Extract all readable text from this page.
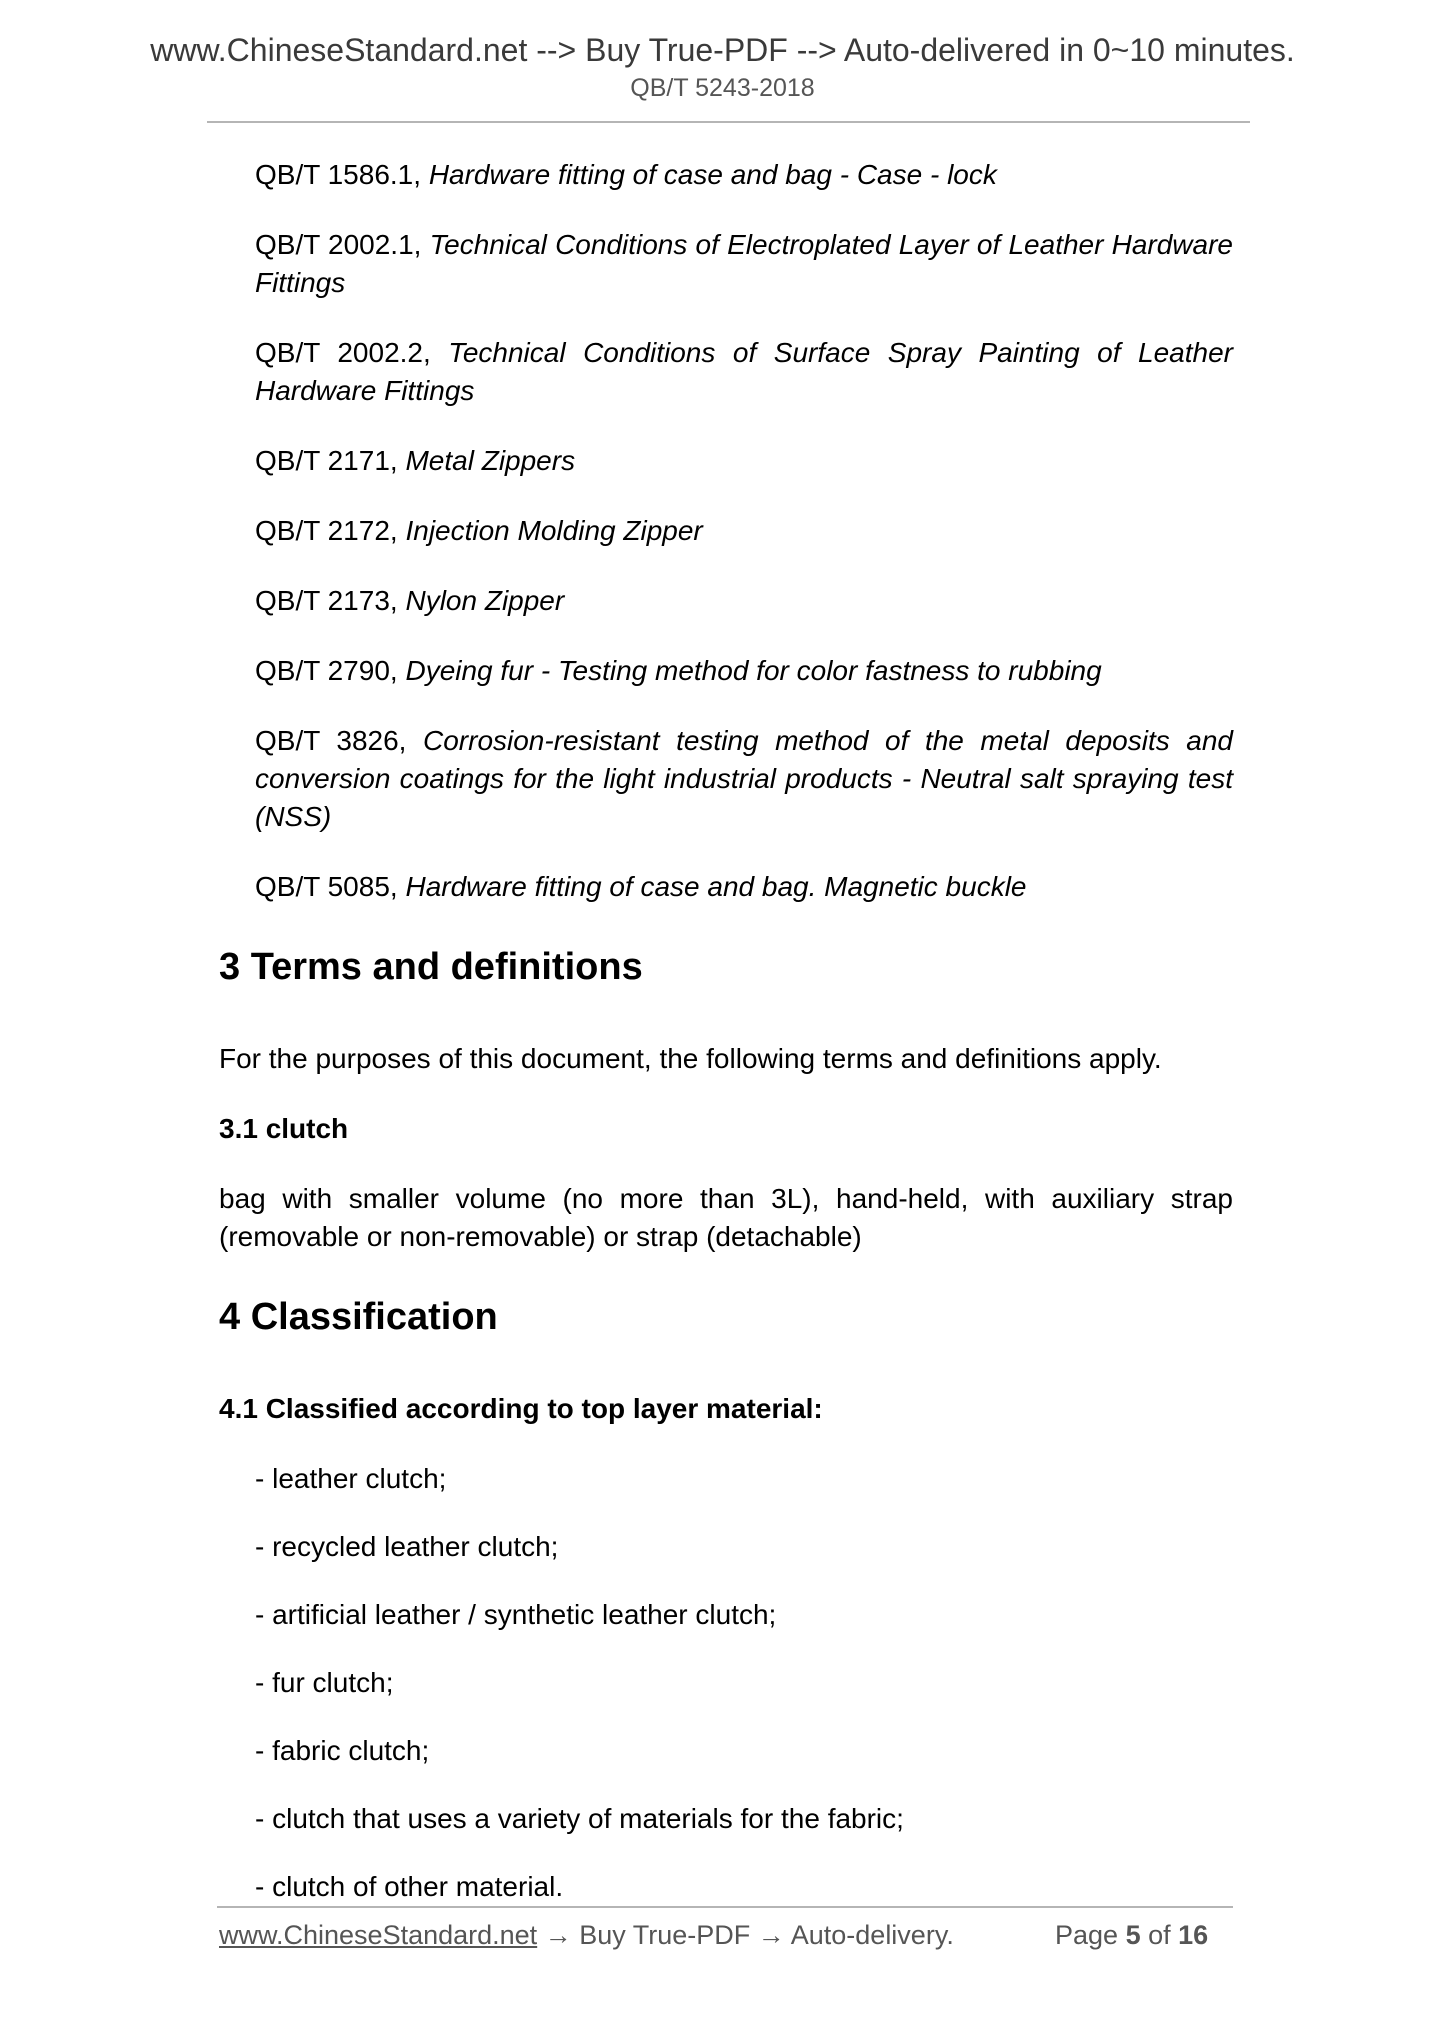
www.ChineseStandard.net --> Buy True-PDF --> Auto-delivered in 0~10 minutes.
QB/T 5243-2018
QB/T 1586.1, Hardware fitting of case and bag - Case - lock
QB/T 2002.1, Technical Conditions of Electroplated Layer of Leather Hardware Fittings
QB/T 2002.2, Technical Conditions of Surface Spray Painting of Leather Hardware Fittings
QB/T 2171, Metal Zippers
QB/T 2172, Injection Molding Zipper
QB/T 2173, Nylon Zipper
QB/T 2790, Dyeing fur - Testing method for color fastness to rubbing
QB/T 3826, Corrosion-resistant testing method of the metal deposits and conversion coatings for the light industrial products - Neutral salt spraying test (NSS)
QB/T 5085, Hardware fitting of case and bag. Magnetic buckle
3 Terms and definitions
For the purposes of this document, the following terms and definitions apply.
3.1 clutch
bag with smaller volume (no more than 3L), hand-held, with auxiliary strap (removable or non-removable) or strap (detachable)
4 Classification
4.1 Classified according to top layer material:
- leather clutch;
- recycled leather clutch;
- artificial leather / synthetic leather clutch;
- fur clutch;
- fabric clutch;
- clutch that uses a variety of materials for the fabric;
- clutch of other material.
www.ChineseStandard.net → Buy True-PDF → Auto-delivery.	Page 5 of 16
